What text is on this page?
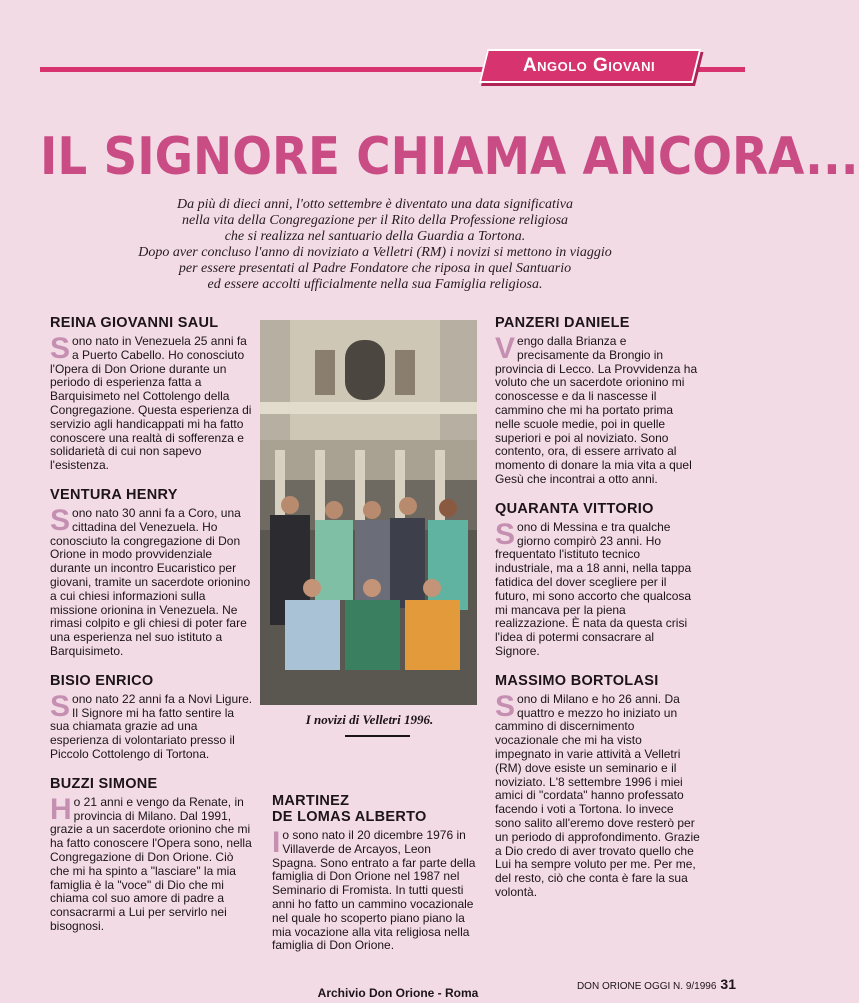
Angolo Giovani
IL SIGNORE CHIAMA ANCORA...

Da più di dieci anni, l'otto settembre è diventato una data significativa

nella vita della Congregazione per il Rito della Professione religiosa

che si realizza nel santuario della Guardia a Tortona.

Dopo aver concluso l'anno di noviziato a Velletri (RM) i novizi si mettono in viaggio

per essere presentati al Padre Fondatore che riposa in quel Santuario

ed essere accolti ufficialmente nella sua Famiglia religiosa.

REINA GIOVANNI SAUL

Sono nato in Venezuela 25 anni fa a Puerto Cabello. Ho conosciuto l'Opera di Don Orione durante un periodo di esperienza fatta a Barquisimeto nel Cottolengo della Congregazione. Questa esperienza di servizio agli handicappati mi ha fatto conoscere una realtà di sofferenza e solidarietà di cui non sapevo l'esistenza.

VENTURA HENRY

Sono nato 30 anni fa a Coro, una cittadina del Venezuela. Ho conosciuto la congregazione di Don Orione in modo provvidenziale durante un incontro Eucaristico per giovani, tramite un sacerdote orionino a cui chiesi informazioni sulla missione orionina in Venezuela. Ne rimasi colpito e gli chiesi di poter fare una esperienza nel suo istituto a Barquisimeto.

BISIO ENRICO

Sono nato 22 anni fa a Novi Ligure. Il Signore mi ha fatto sentire la sua chiamata grazie ad una esperienza di volontariato presso il Piccolo Cottolengo di Tortona.

BUZZI SIMONE

Ho 21 anni e vengo da Renate, in provincia di Milano. Dal 1991, grazie a un sacerdote orionino che mi ha fatto conoscere l'Opera sono, nella Congregazione di Don Orione. Ciò che mi ha spinto a "lasciare" la mia famiglia è la "voce" di Dio che mi chiama col suo amore di padre a consacrarmi a Lui per servirlo nei bisognosi.

I novizi di Velletri 1996.
MARTINEZ
DE LOMAS ALBERTO

Io sono nato il 20 dicembre 1976 in Villaverde de Arcayos, Leon Spagna. Sono entrato a far parte della famiglia di Don Orione nel 1987 nel Seminario di Fromista. In tutti questi anni ho fatto un cammino vocazionale nel quale ho scoperto piano piano la mia vocazione alla vita religiosa nella famiglia di Don Orione.

PANZERI DANIELE

Vengo dalla Brianza e precisamente da Brongio in provincia di Lecco. La Provvidenza ha voluto che un sacerdote orionino mi conoscesse e da li nascesse il cammino che mi ha portato prima nelle scuole medie, poi in quelle superiori e poi al noviziato. Sono contento, ora, di essere arrivato al momento di donare la mia vita a quel Gesù che incontrai a otto anni.

QUARANTA VITTORIO

Sono di Messina e tra qualche giorno compirò 23 anni. Ho frequentato l'istituto tecnico industriale, ma a 18 anni, nella tappa fatidica del dover scegliere per il futuro, mi sono accorto che qualcosa mi mancava per la piena realizzazione. È nata da questa crisi l'idea di potermi consacrare al Signore.

MASSIMO BORTOLASI

Sono di Milano e ho 26 anni. Da quattro e mezzo ho iniziato un cammino di discernimento vocazionale che mi ha visto impegnato in varie attività a Velletri (RM) dove esiste un seminario e il noviziato. L'8 settembre 1996 i miei amici di "cordata" hanno professato facendo i voti a Tortona. Io invece sono salito all'eremo dove resterò per un periodo di approfondimento. Grazie a Dio credo di aver trovato quello che Lui ha sempre voluto per me. Per me, del resto, ciò che conta è fare la sua volontà.

DON ORIONE OGGI N. 9/1996 31
Archivio Don Orione - Roma
